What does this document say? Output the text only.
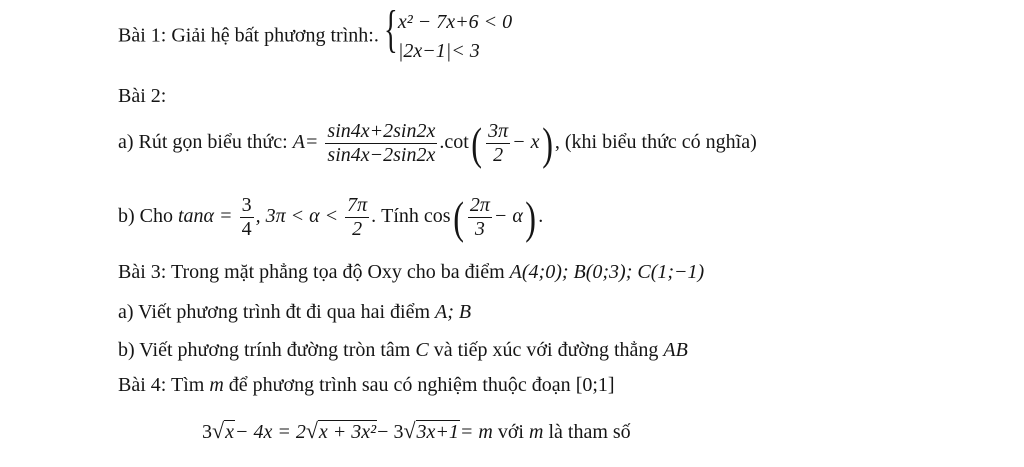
Bài 1: Giải hệ bất phương trình:. { x² − 7x+6 < 0
|2x−1|< 3
Bài 2:
a) Rút gọn biểu thức: $A= \frac{\sin 4x+2\sin 2x}{\sin 4x-2\sin 2x} .\cot( \frac{3\pi}{2} - x)$ , (khi biểu thức có nghĩa)
b) Cho $\tan\alpha = \frac{3}{4}$ , $3\pi < \alpha < \frac{7\pi}{2}$ . Tính $\cos( \frac{2\pi}{3} - \alpha)$ .
Bài 3: Trong mặt phẳng tọa độ Oxy cho ba điểm A(4;0); B(0;3); C(1;−1)
a) Viết phương trình đt đi qua hai điểm A; B
b) Viết phương trính đường tròn tâm C và tiếp xúc với đường thẳng AB
Bài 4: Tìm m để phương trình sau có nghiệm thuộc đoạn [0;1]
3√x− 4x = 2√x + 3x²− 3√3x+1= m với m là tham số
